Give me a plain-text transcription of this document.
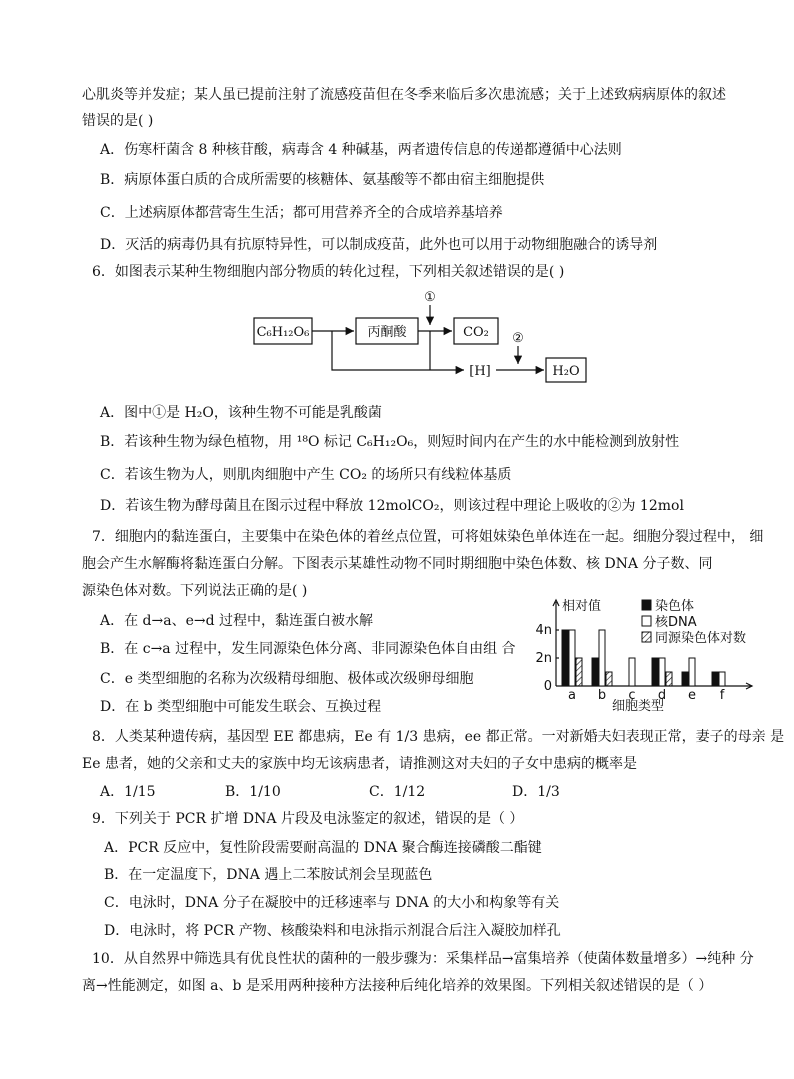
心肌炎等并发症；某人虽已提前注射了流感疫苗但在冬季来临后多次患流感；关于上述致病病原体的叙述
错误的是( )
A．伤寒杆菌含 8 种核苷酸，病毒含 4 种碱基，两者遗传信息的传递都遵循中心法则
B．病原体蛋白质的合成所需要的核糖体、氨基酸等不都由宿主细胞提供
C．上述病原体都营寄生生活；都可用营养齐全的合成培养基培养
D．灭活的病毒仍具有抗原特异性，可以制成疫苗，此外也可以用于动物细胞融合的诱导剂
6．如图表示某种生物细胞内部分物质的转化过程，下列相关叙述错误的是( )
C₆H₁₂O₆	丙酮酸	CO₂
H₂O
[H]
①
②
A．图中①是 H₂O，该种生物不可能是乳酸菌
B．若该种生物为绿色植物，用 ¹⁸O 标记 C₆H₁₂O₆，则短时间内在产生的水中能检测到放射性
C．若该生物为人，则肌肉细胞中产生 CO₂ 的场所只有线粒体基质
D．若该生物为酵母菌且在图示过程中释放 12molCO₂，则该过程中理论上吸收的②为 12mol
7．细胞内的黏连蛋白，主要集中在染色体的着丝点位置，可将姐妹染色单体连在一起。细胞分裂过程中， 细
胞会产生水解酶将黏连蛋白分解。下图表示某雄性动物不同时期细胞中染色体数、核 DNA 分子数、同
源染色体对数。下列说法正确的是( )
A．在 d→a、e→d 过程中，黏连蛋白被水解
B．在 c→a 过程中，发生同源染色体分离、非同源染色体自由组 合
C．e 类型细胞的名称为次级精母细胞、极体或次级卵母细胞
D．在 b 类型细胞中可能发生联会、互换过程
相对值
细胞类型
4n
2n
0
a b c d e f
染色体
核DNA
同源染色体对数
8．人类某种遗传病，基因型 EE 都患病，Ee 有 1/3 患病，ee 都正常。一对新婚夫妇表现正常，妻子的母亲 是
Ee 患者，她的父亲和丈夫的家族中均无该病患者，请推测这对夫妇的子女中患病的概率是
A．1/15	B．1/10	C．1/12	D．1/3
9．下列关于 PCR 扩增 DNA 片段及电泳鉴定的叙述，错误的是（ ）
A．PCR 反应中，复性阶段需要耐高温的 DNA 聚合酶连接磷酸二酯键
B．在一定温度下，DNA 遇上二苯胺试剂会呈现蓝色
C．电泳时，DNA 分子在凝胶中的迁移速率与 DNA 的大小和构象等有关
D．电泳时，将 PCR 产物、核酸染料和电泳指示剂混合后注入凝胶加样孔
10．从自然界中筛选具有优良性状的菌种的一般步骤为：采集样品→富集培养（使菌体数量增多）→纯种 分
离→性能测定，如图 a、b 是采用两种接种方法接种后纯化培养的效果图。下列相关叙述错误的是（ ）
